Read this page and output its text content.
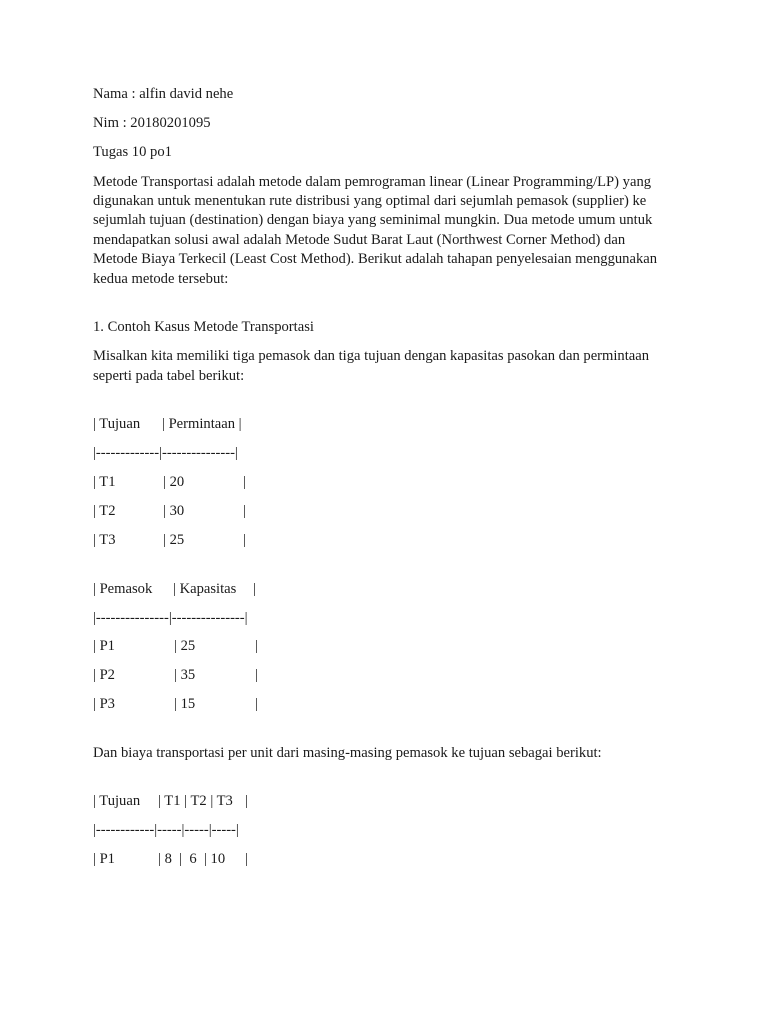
Nama : alfin david nehe

Nim : 20180201095

Tugas 10 po1

Metode Transportasi adalah metode dalam pemrograman linear (Linear Programming/LP) yang digunakan untuk menentukan rute distribusi yang optimal dari sejumlah pemasok (supplier) ke sejumlah tujuan (destination) dengan biaya yang seminimal mungkin. Dua metode umum untuk mendapatkan solusi awal adalah Metode Sudut Barat Laut (Northwest Corner Method) dan Metode Biaya Terkecil (Least Cost Method). Berikut adalah tahapan penyelesaian menggunakan kedua metode tersebut:

1. Contoh Kasus Metode Transportasi

Misalkan kita memiliki tiga pemasok dan tiga tujuan dengan kapasitas pasokan dan permintaan seperti pada tabel berikut:

| Tujuan	| Permintaan |
|------------- |---------------|
| T1	| 20	|
| T2	| 30	|
| T3	| 25	|
| Pemasok	| Kapasitas	|
|--------------- |---------------|
| P1	| 25	|
| P2	| 35	|
| P3	| 15	|

Dan biaya transportasi per unit dari masing-masing pemasok ke tujuan sebagai berikut:

| Tujuan	| T1 | T2 | T3 |
|------------ |-----|-----|-----|
| P1	| 8  |  6  | 10	|
